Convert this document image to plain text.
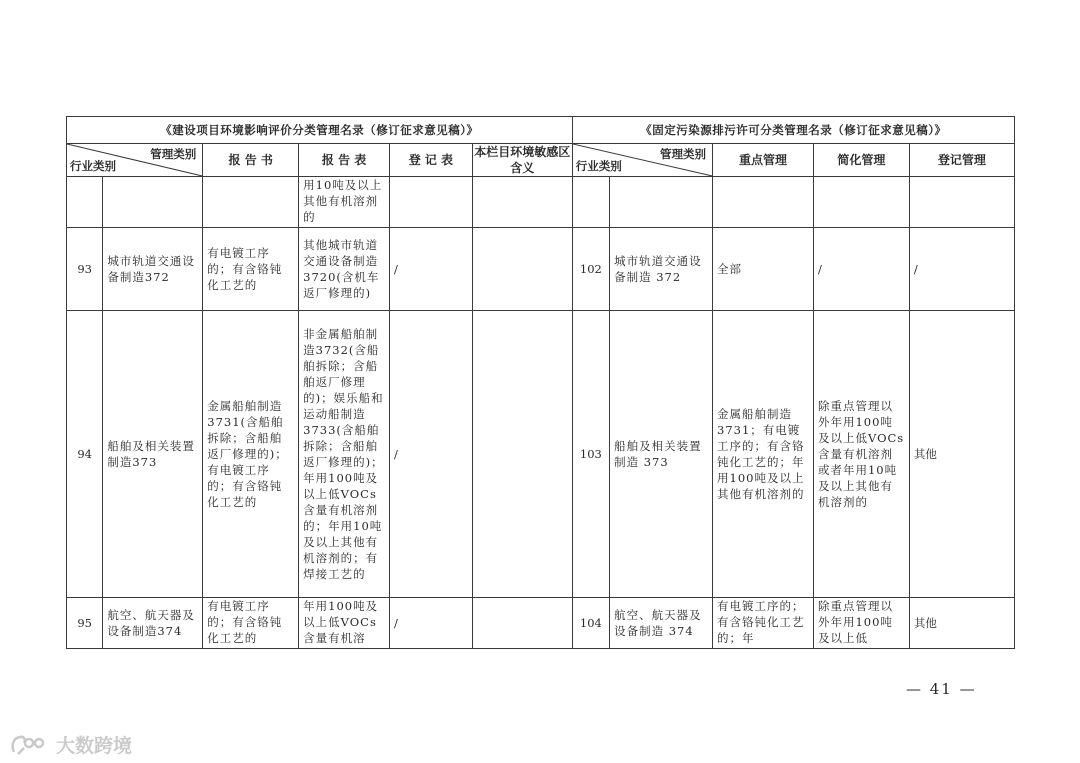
《建设项目环境影响评价分类管理名录（修订征求意见稿）》						《固定污染源排污许可分类管理名录（修订征求意见稿）》				

管理类别
行业类别		报 告 书	报 告 表	登 记 表	本栏目环境敏感区含义	管理类别
行业类别		重点管理	简化管理	登记管理
			用10吨及以上其他有机溶剂的							
93	城市轨道交通设备制造372	有电镀工序的；有含铬钝化工艺的	其他城市轨道交通设备制造3720(含机车返厂修理的)	/		102	城市轨道交通设备制造 372	全部	/	/
94	船舶及相关装置制造373	金属船舶制造3731(含船舶拆除；含船舶返厂修理的)；有电镀工序的；有含铬钝化工艺的	非金属船舶制造3732(含船舶拆除；含船舶返厂修理的)；娱乐船和运动船制造3733(含船舶拆除；含船舶返厂修理的)；年用100吨及以上低VOCs含量有机溶剂的；年用10吨及以上其他有机溶剂的；有焊接工艺的	/		103	船舶及相关装置制造 373	金属船舶制造3731；有电镀工序的；有含铬钝化工艺的；年用100吨及以上其他有机溶剂的	除重点管理以外年用100吨及以上低VOCs含量有机溶剂或者年用10吨及以上其他有机溶剂的	其他
95	航空、航天器及设备制造374	有电镀工序的；有含铬钝化工艺的	年用100吨及以上低VOCs含量有机溶	/		104	航空、航天器及设备制造 374	有电镀工序的；有含铬钝化工艺的；年	除重点管理以外年用100吨及以上低	其他
— 41 —
大数跨境
